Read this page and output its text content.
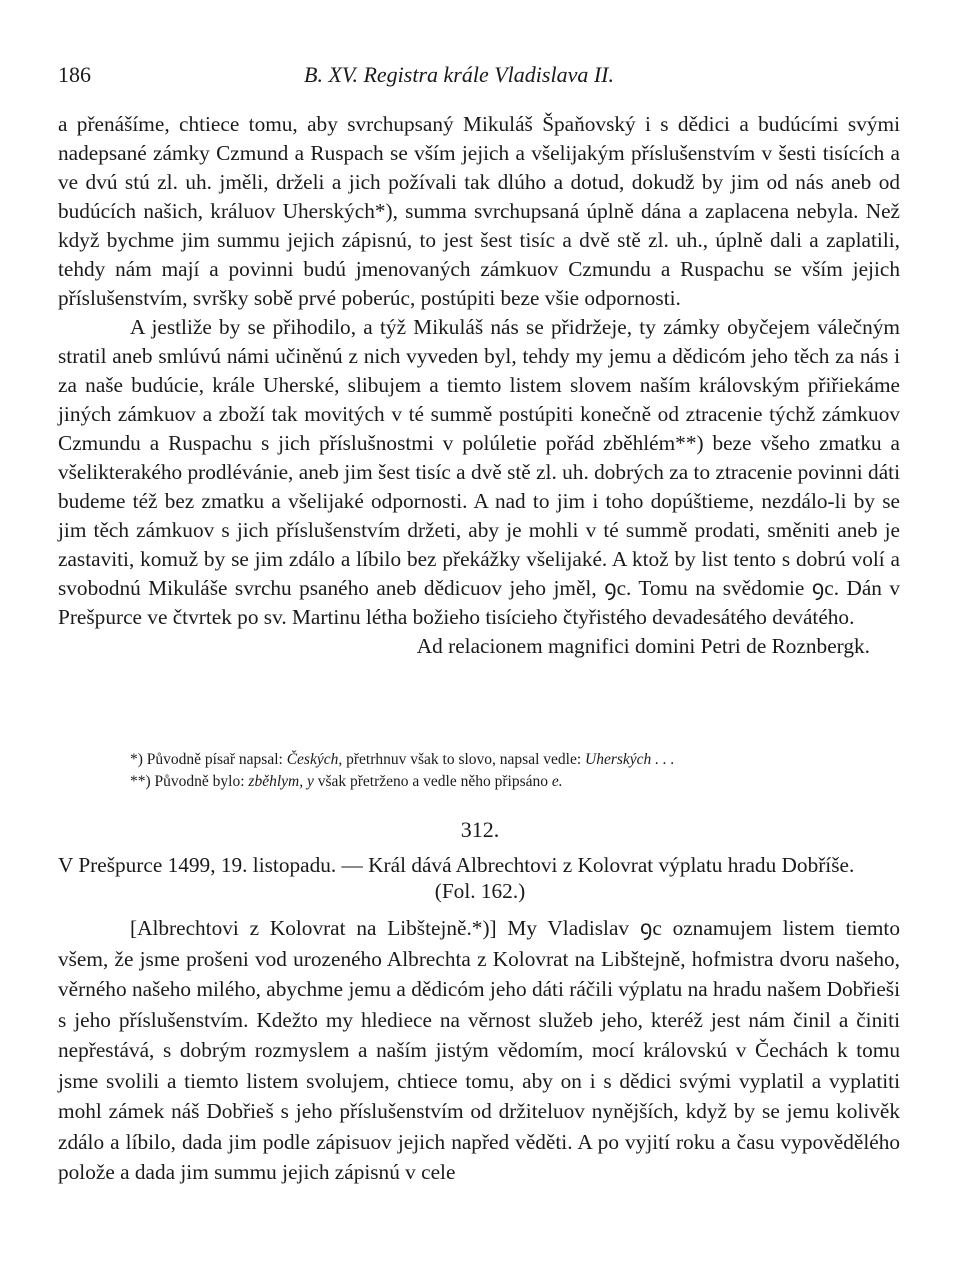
186	B. XV. Registra krále Vladislava II.

a přenášíme, chtiece tomu, aby svrchupsaný Mikuláš Špaňovský i s dědici a budúcími svými nadepsané zámky Czmund a Ruspach se vším jejich a všelijakým příslušenstvím v šesti tisících a ve dvú stú zl. uh. jměli, drželi a jich požívali tak dlúho a dotud, dokudž by jim od nás aneb od budúcích našich, králuov Uherských*), summa svrchupsaná úplně dána a zaplacena nebyla. Než když bychme jim summu jejich zápisnú, to jest šest tisíc a dvě stě zl. uh., úplně dali a zaplatili, tehdy nám mají a povinni budú jmenovaných zámkuov Czmundu a Ruspachu se vším jejich příslušenstvím, svršky sobě prvé poberúc, postúpiti beze všie odpornosti.

A jestliže by se přihodilo, a týž Mikuláš nás se přidržeje, ty zámky obyčejem válečným stratil aneb smlúvú námi učiněnú z nich vyveden byl, tehdy my jemu a dědicóm jeho těch za nás i za naše budúcie, krále Uherské, slibujem a tiemto listem slovem naším královským přiřiekáme jiných zámkuov a zboží tak movitých v té summě postúpiti konečně od ztracenie týchž zámkuov Czmundu a Ruspachu s jich příslušnostmi v polúletie pořád zběhlém**) beze všeho zmatku a všelikterakého prodlévánie, aneb jim šest tisíc a dvě stě zl. uh. dobrých za to ztracenie povinni dáti budeme též bez zmatku a všelijaké odpornosti. A nad to jim i toho dopúštieme, nezdálo-li by se jim těch zámkuov s jich příslušenstvím držeti, aby je mohli v té summě prodati, směniti aneb je zastaviti, komuž by se jim zdálo a líbilo bez překážky všelijaké. A ktož by list tento s dobrú volí a svobodnú Mikuláše svrchu psaného aneb dědicuov jeho jměl, ꝯc. Tomu na svědomie ꝯc. Dán v Prešpurce ve čtvrtek po sv. Martinu létha božieho tisícieho čtyřistého devadesátého devátého.

Ad relacionem magnifici domini Petri de Roznbergk.

*) Původně písař napsal: Českých, přetrhnuv však to slovo, napsal vedle: Uherských . . .
**) Původně bylo: zběhlym, y však přetrženo a vedle něho připsáno e.
312.
V Prešpurce 1499, 19. listopadu. — Král dává Albrechtovi z Kolovrat výplatu hradu Dobříše.
(Fol. 162.)

[Albrechtovi z Kolovrat na Libštejně.*)] My Vladislav ꝯc oznamujem listem tiemto všem, že jsme prošeni vod urozeného Albrechta z Kolovrat na Libštejně, hofmistra dvoru našeho, věrného našeho milého, abychme jemu a dědicóm jeho dáti ráčili výplatu na hradu našem Dobřieši s jeho příslušenstvím. Kdežto my hlediece na věrnost služeb jeho, kteréž jest nám činil a činiti nepřestává, s dobrým rozmyslem a naším jistým vědomím, mocí královskú v Čechách k tomu jsme svolili a tiemto listem svolujem, chtiece tomu, aby on i s dědici svými vyplatil a vyplatiti mohl zámek náš Dobřieš s jeho příslušenstvím od držiteluov nynějších, když by se jemu kolivěk zdálo a líbilo, dada jim podle zápisuov jejich napřed věděti. A po vyjití roku a času vypovědělého polože a dada jim summu jejich zápisnú v cele
